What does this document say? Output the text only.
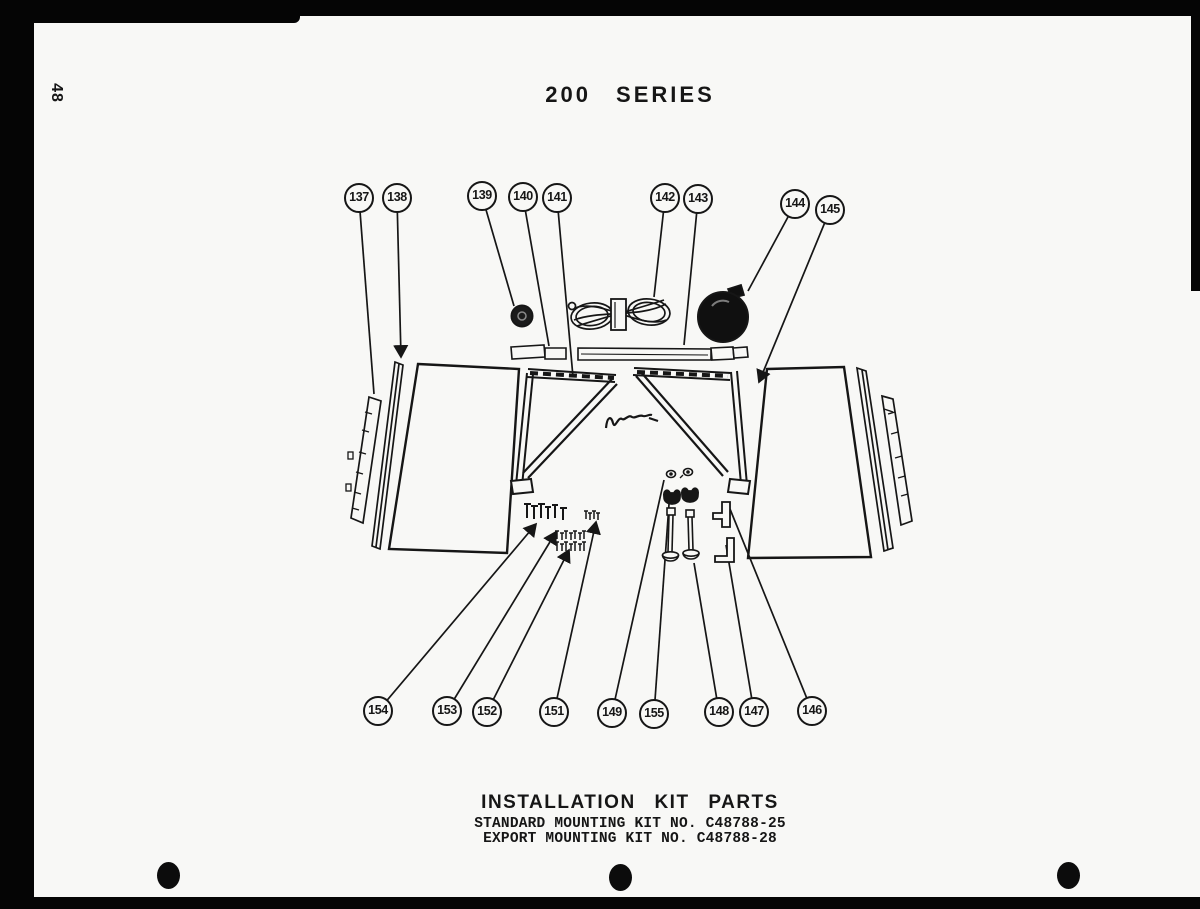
48	200 SERIES
137	138	139	140	141	142	143	144	145
154	153	152	151	149	155	148	147	146
INSTALLATION KIT PARTS
STANDARD MOUNTING KIT NO. C48788-25
EXPORT MOUNTING KIT NO. C48788-28
